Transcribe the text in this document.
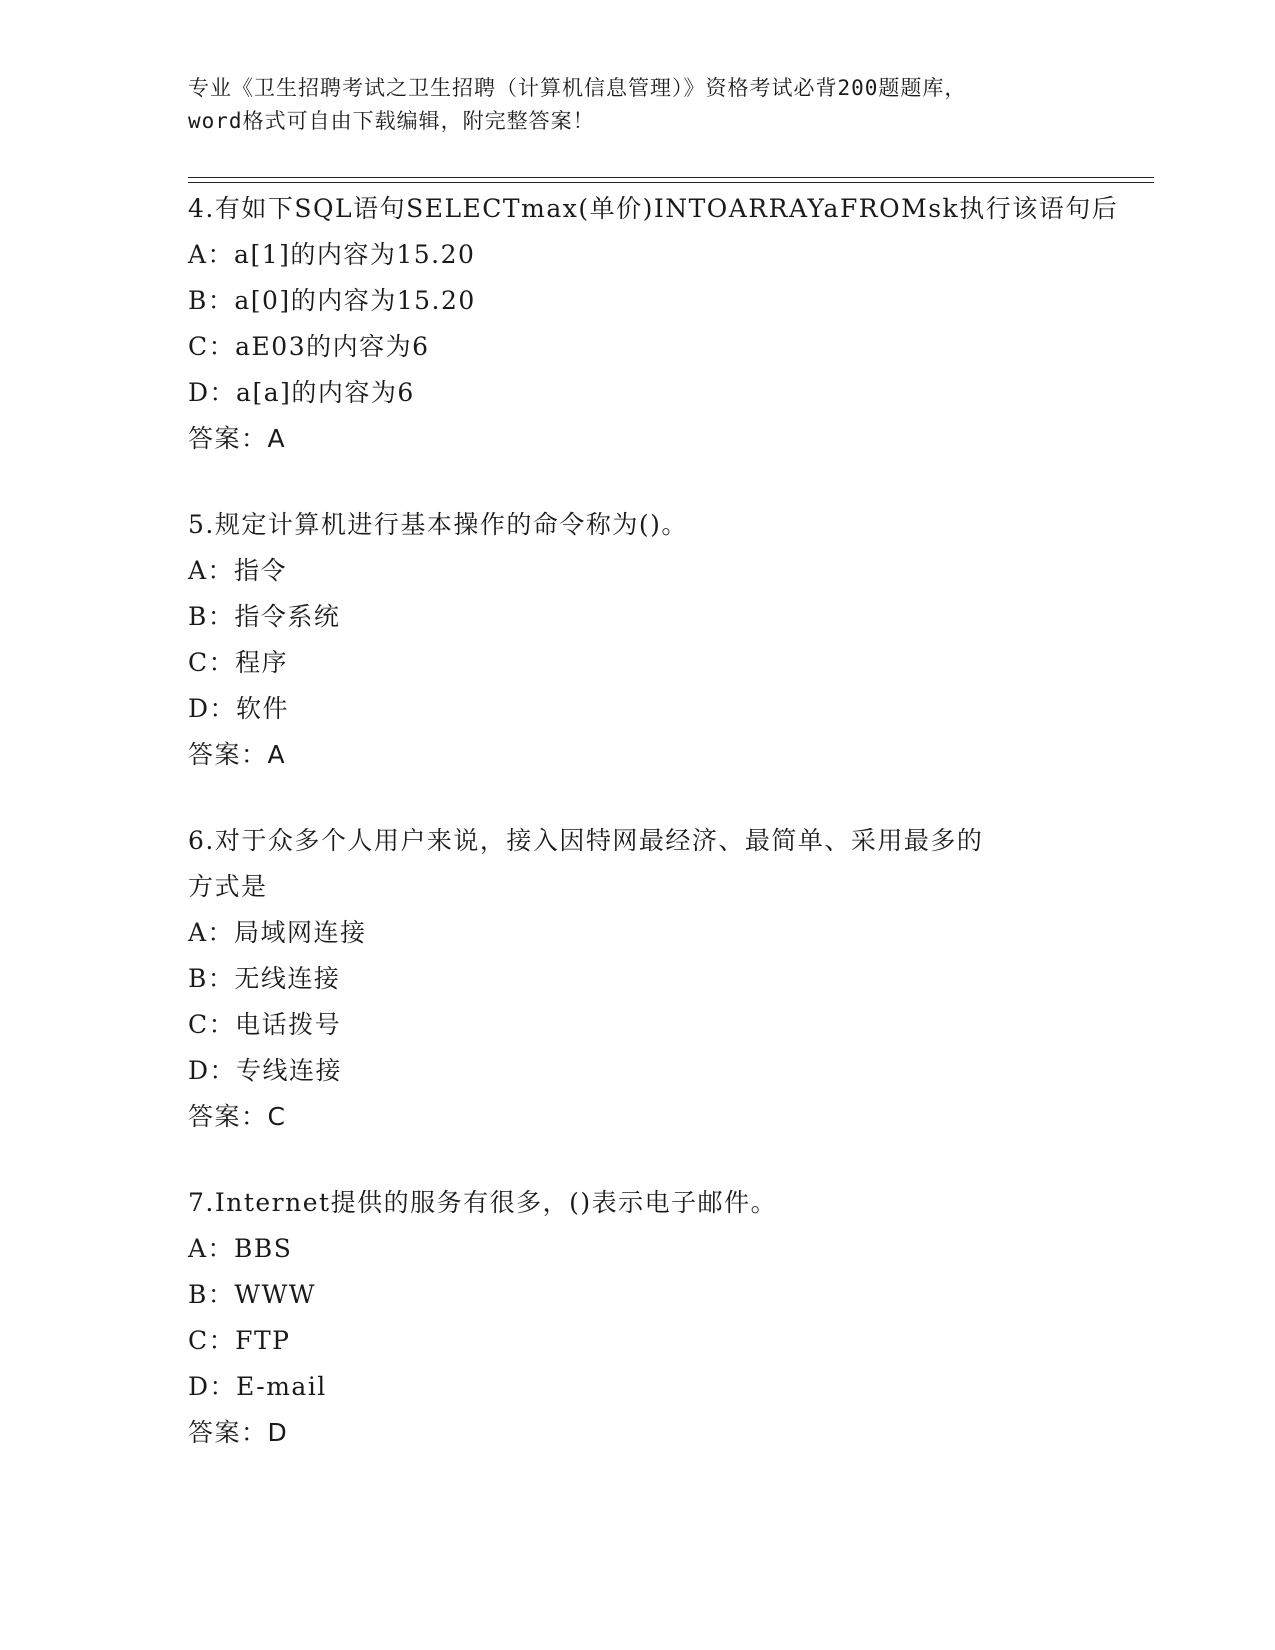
专业《卫生招聘考试之卫生招聘（计算机信息管理）》资格考试必背200题题库，
word格式可自由下载编辑，附完整答案！
4.有如下SQL语句SELECTmax(单价)INTOARRAYaFROMsk执行该语句后
A：a[1]的内容为15.20
B：a[0]的内容为15.20
C：aE03的内容为6
D：a[a]的内容为6
答案：A
5.规定计算机进行基本操作的命令称为()。
A：指令
B：指令系统
C：程序
D：软件
答案：A
6.对于众多个人用户来说，接入因特网最经济、最简单、采用最多的
方式是
A：局域网连接
B：无线连接
C：电话拨号
D：专线连接
答案：C
7.Internet提供的服务有很多，()表示电子邮件。
A：BBS
B：WWW
C：FTP
D：E-mail
答案：D
